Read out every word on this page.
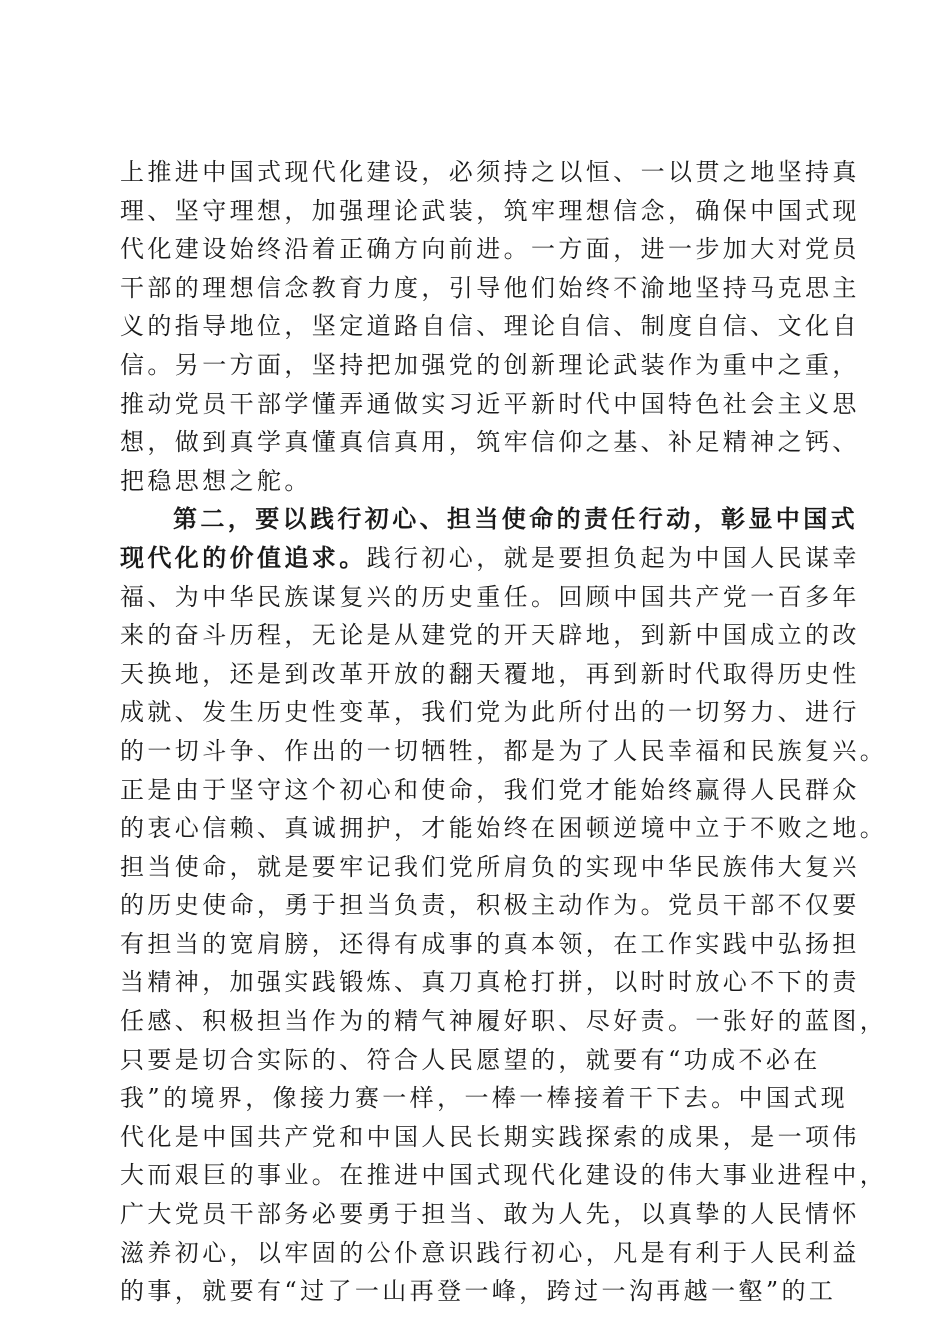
上推进中国式现代化建设，必须持之以恒、一以贯之地坚持真
理、坚守理想，加强理论武装，筑牢理想信念，确保中国式现
代化建设始终沿着正确方向前进。一方面，进一步加大对党员
干部的理想信念教育力度，引导他们始终不渝地坚持马克思主
义的指导地位，坚定道路自信、理论自信、制度自信、文化自
信。另一方面，坚持把加强党的创新理论武装作为重中之重，
推动党员干部学懂弄通做实习近平新时代中国特色社会主义思
想，做到真学真懂真信真用，筑牢信仰之基、补足精神之钙、
把稳思想之舵。
第二，要以践行初心、担当使命的责任行动，彰显中国式
现代化的价值追求。践行初心，就是要担负起为中国人民谋幸
福、为中华民族谋复兴的历史重任。回顾中国共产党一百多年
来的奋斗历程，无论是从建党的开天辟地，到新中国成立的改
天换地，还是到改革开放的翻天覆地，再到新时代取得历史性
成就、发生历史性变革，我们党为此所付出的一切努力、进行
的一切斗争、作出的一切牺牲，都是为了人民幸福和民族复兴。
正是由于坚守这个初心和使命，我们党才能始终赢得人民群众
的衷心信赖、真诚拥护，才能始终在困顿逆境中立于不败之地。
担当使命，就是要牢记我们党所肩负的实现中华民族伟大复兴
的历史使命，勇于担当负责，积极主动作为。党员干部不仅要
有担当的宽肩膀，还得有成事的真本领，在工作实践中弘扬担
当精神，加强实践锻炼、真刀真枪打拼，以时时放心不下的责
任感、积极担当作为的精气神履好职、尽好责。一张好的蓝图，
只要是切合实际的、符合人民愿望的，就要有“功成不必在
我”的境界，像接力赛一样，一棒一棒接着干下去。中国式现
代化是中国共产党和中国人民长期实践探索的成果，是一项伟
大而艰巨的事业。在推进中国式现代化建设的伟大事业进程中，
广大党员干部务必要勇于担当、敢为人先，以真挚的人民情怀
滋养初心，以牢固的公仆意识践行初心，凡是有利于人民利益
的事，就要有“过了一山再登一峰，跨过一沟再越一壑”的工
